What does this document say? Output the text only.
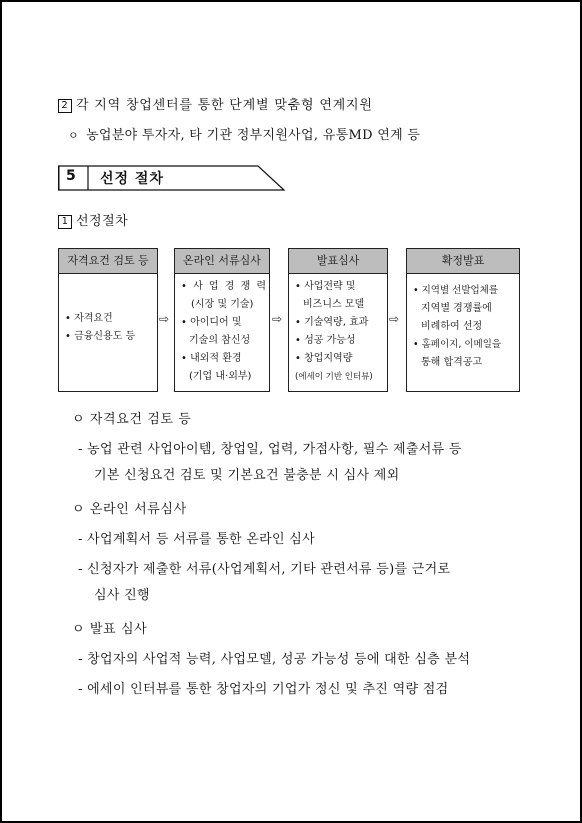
2 각 지역 창업센터를 통한 단계별 맞춤형 연계지원
ㅇ 농업분야 투자자, 타 기관 정부지원사업, 유통MD 연계 등
5 선정 절차
1 선정절차
자격요건 검토 등
• 자격요건
• 금융신용도 등
⇨
온라인 서류심사
• 사 업 경 쟁 력
(시장 및 기술)
• 아이디어 및
기술의 참신성
• 내외적 환경
(기업 내·외부)
⇨
발표심사
• 사업전략 및
비즈니스 모델
• 기술역량, 효과
• 성공 가능성
• 창업지역량
(에세이 기반 인터뷰)
⇨
확정발표
• 지역별 선발업체를
지역별 경쟁률에
비례하여 선정
• 홈페이지, 이메일을
통해 합격공고
ㅇ 자격요건 검토 등
- 농업 관련 사업아이템, 창업일, 업력, 가점사항, 필수 제출서류 등
기본 신청요건 검토 및 기본요건 불충분 시 심사 제외
ㅇ 온라인 서류심사
- 사업계획서 등 서류를 통한 온라인 심사
- 신청자가 제출한 서류(사업계획서, 기타 관련서류 등)를 근거로
심사 진행
ㅇ 발표 심사
- 창업자의 사업적 능력, 사업모델, 성공 가능성 등에 대한 심층 분석
- 에세이 인터뷰를 통한 창업자의 기업가 정신 및 추진 역량 점검
